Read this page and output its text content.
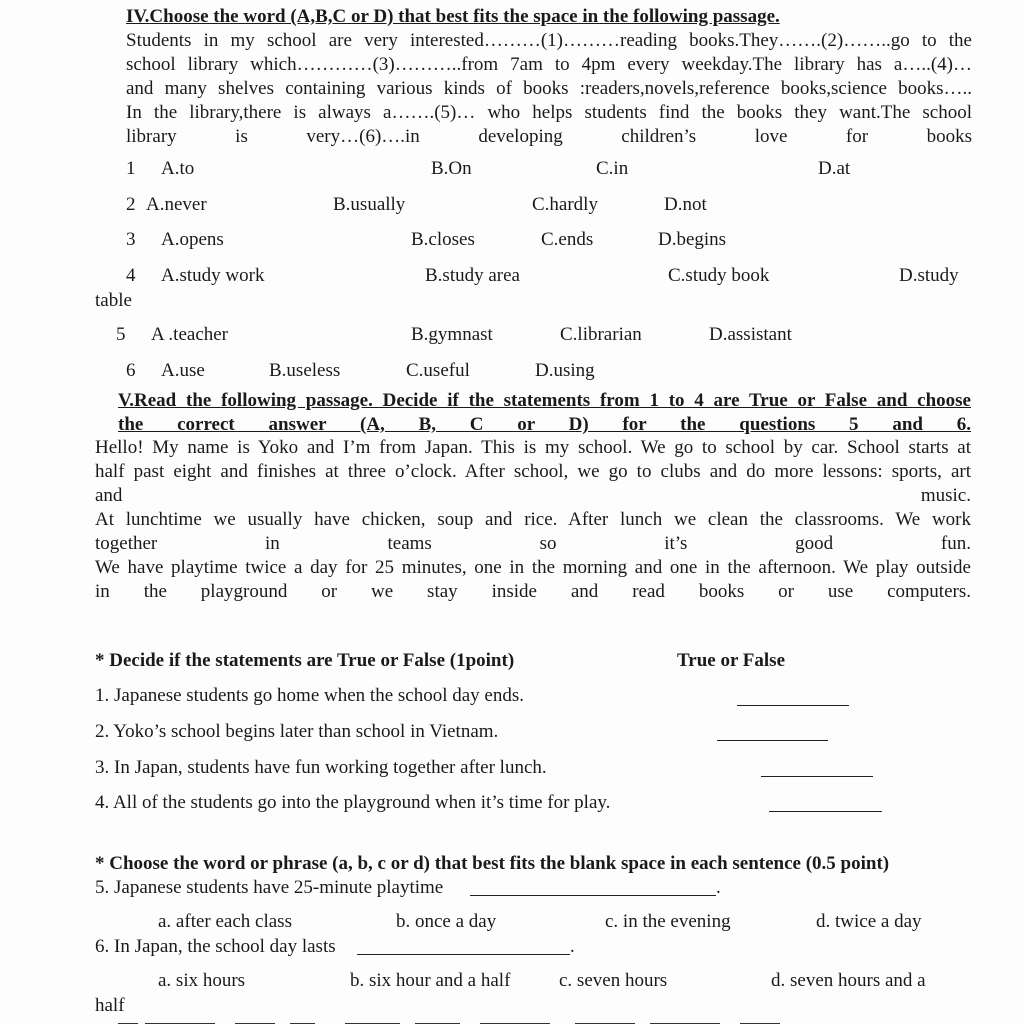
IV.Choose the word (A,B,C or D) that best fits the space in the following passage.
Students in my school are very interested………(1)………reading books.They…….(2)……..go to the
school library which…………(3)………..from 7am to 4pm every weekday.The library has a…..(4)…
and many shelves containing various kinds of books :readers,novels,reference books,science books…..
In the library,there is always a…….(5)… who helps students find the books they want.The school
library is very…(6)….in developing children’s love for books
1 A.to	B.On	C.in	D.at
2 A.never	B.usually	C.hardly	D.not
3 A.opens	B.closes	C.ends	D.begins
4 A.study work	B.study area	C.study book	D.study
table
5 A .teacher	B.gymnast	C.librarian	D.assistant
6 A.use	B.useless	C.useful	D.using
V.Read the following passage. Decide if the statements from 1 to 4 are True or False and choose
the correct answer (A, B, C or D) for the questions 5 and 6.
Hello! My name is Yoko and I’m from Japan. This is my school. We go to school by car. School starts at
half past eight and finishes at three o’clock. After school, we go to clubs and do more lessons: sports, art
and music.
At lunchtime we usually have chicken, soup and rice. After lunch we clean the classrooms. We work
together in teams so it’s good fun.
We have playtime twice a day for 25 minutes, one in the morning and one in the afternoon. We play outside
in the playground or we stay inside and read books or use computers.
* Decide if the statements are True or False (1point)	True or False
1. Japanese students go home when the school day ends.
2. Yoko’s school begins later than school in Vietnam.
3. In Japan, students have fun working together after lunch.
4. All of the students go into the playground when it’s time for play.
* Choose the word or phrase (a, b, c or d) that best fits the blank space in each sentence (0.5 point)
5. Japanese students have 25-minute playtime	.
a. after each class	b. once a day	c. in the evening	d. twice a day
6. In Japan, the school day lasts	.
a. six hours	b. six hour and a half	c. seven hours	d. seven hours and a
half
